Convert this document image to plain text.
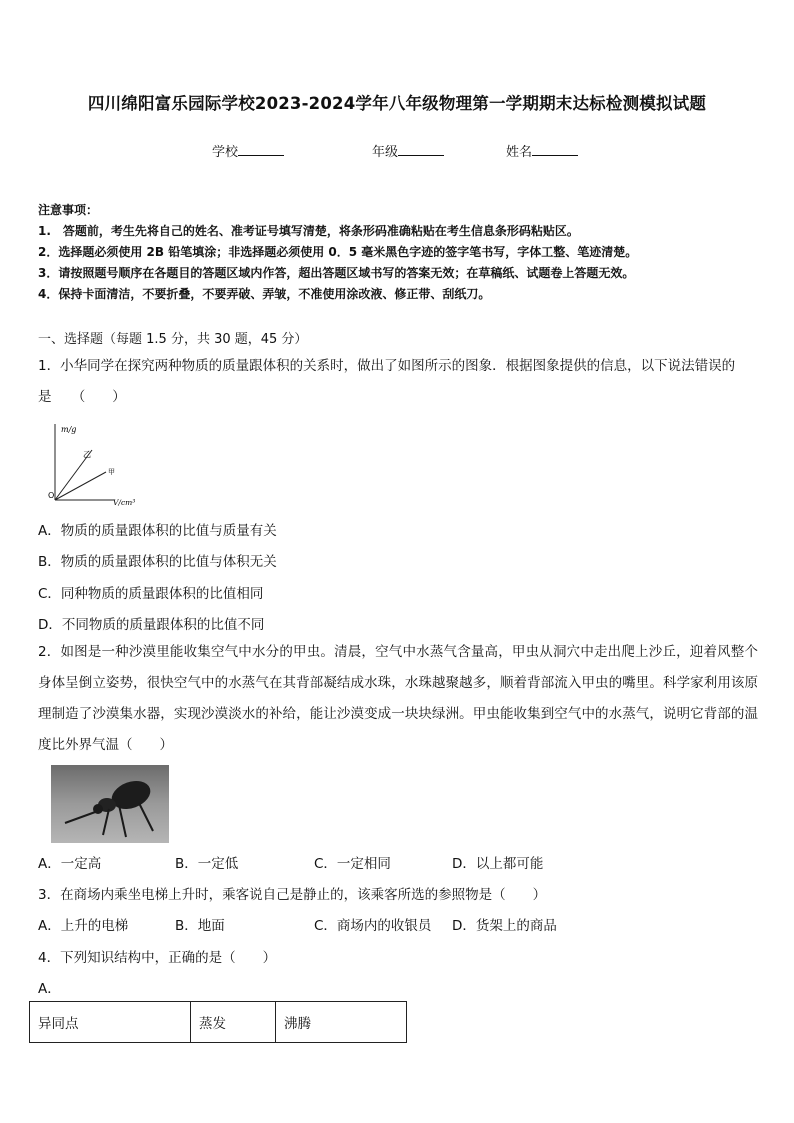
四川绵阳富乐园际学校2023-2024学年八年级物理第一学期期末达标检测模拟试题
学校	年级	姓名
注意事项：
1.　答题前，考生先将自己的姓名、准考证号填写清楚，将条形码准确粘贴在考生信息条形码粘贴区。
2．选择题必须使用 2B 铅笔填涂；非选择题必须使用 0．5 毫米黑色字迹的签字笔书写，字体工整、笔迹清楚。
3．请按照题号顺序在各题目的答题区域内作答，超出答题区域书写的答案无效；在草稿纸、试题卷上答题无效。
4．保持卡面清洁，不要折叠，不要弄破、弄皱，不准使用涂改液、修正带、刮纸刀。
一、选择题（每题 1.5 分，共 30 题，45 分）
1．小华同学在探究两种物质的质量跟体积的关系时，做出了如图所示的图象．根据图象提供的信息，以下说法错误的
是　　（　　）
m/g
V/cm³
O
乙
甲
A．物质的质量跟体积的比值与质量有关
B．物质的质量跟体积的比值与体积无关
C．同种物质的质量跟体积的比值相同
D．不同物质的质量跟体积的比值不同
2．如图是一种沙漠里能收集空气中水分的甲虫。清晨，空气中水蒸气含量高，甲虫从洞穴中走出爬上沙丘，迎着风整个身体呈倒立姿势，很快空气中的水蒸气在其背部凝结成水珠，水珠越聚越多，顺着背部流入甲虫的嘴里。科学家利用该原理制造了沙漠集水器，实现沙漠淡水的补给，能让沙漠变成一块块绿洲。甲虫能收集到空气中的水蒸气，说明它背部的温度比外界气温（　　）
A．一定高	B．一定低	C．一定相同	D．以上都可能
3．在商场内乘坐电梯上升时，乘客说自己是静止的，该乘客所选的参照物是（　　）
A．上升的电梯	B．地面	C．商场内的收银员 D．货架上的商品
4．下列知识结构中，正确的是（　　）
A．
异同点	蒸发	沸腾
